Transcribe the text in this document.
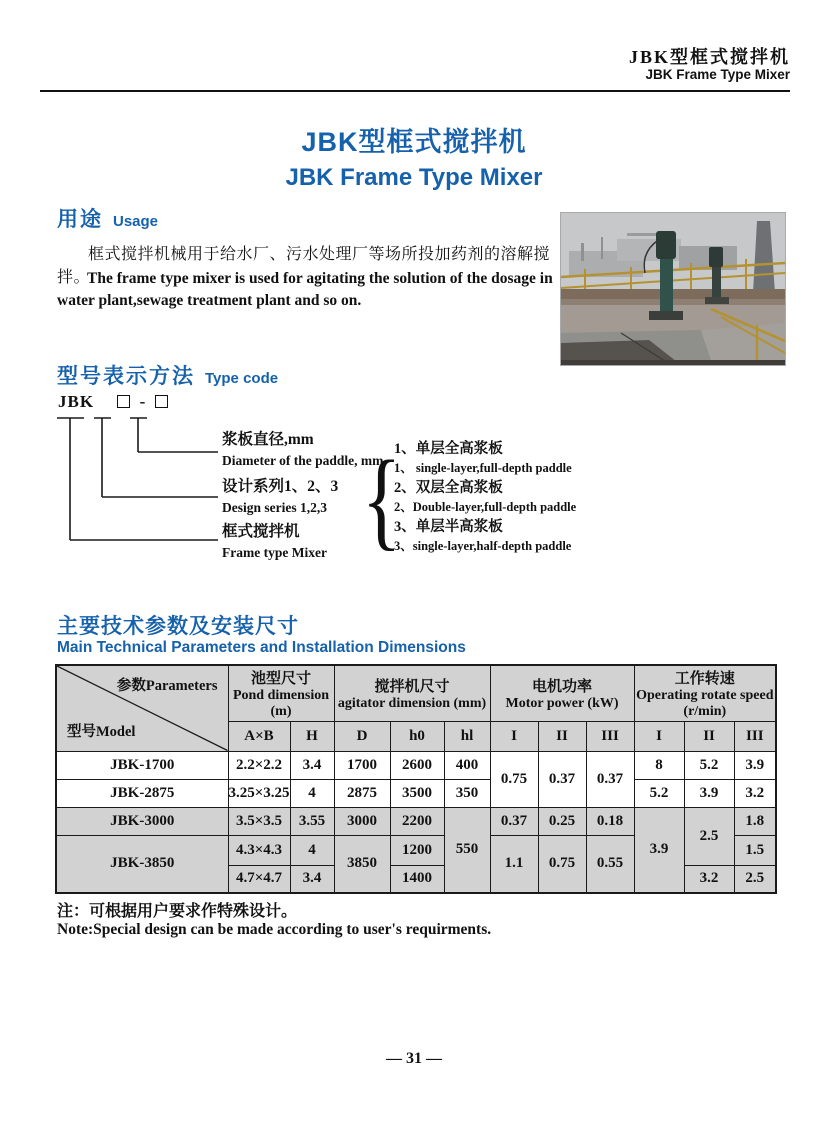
JBK型框式搅拌机
JBK Frame Type Mixer
JBK型框式搅拌机
JBK Frame Type Mixer
用途 Usage

框式搅拌机械用于给水厂、污水处理厂等场所投加药剂的溶解搅拌。

The frame type mixer is used for agitating the solution of the dosage in water plant,sewage treatment plant and so on.

型号表示方法 Type code
JBK	-
浆板直径,mm
Diameter of the paddle, mm
设计系列1、2、3
Design series 1,2,3
框式搅拌机
Frame type Mixer {
1、单层全高浆板
1、 single-layer,full-depth paddle
2、双层全高浆板
2、Double-layer,full-depth paddle
3、单层半高浆板
3、single-layer,half-depth paddle
主要技术参数及安装尺寸
Main Technical Parameters and Installation Dimensions
参数Parameters
型号Model	池型尺寸
Pond dimension (m)		搅拌机尺寸
agitator dimension (mm)			电机功率
Motor power (kW)			工作转速
Operating rotate speed
(r/min)		

	A×B	H	D	h0	hl	I	II	III	I	II	III
JBK-1700	2.2×2.2	3.4	1700	2600	400	0.75	0.37	0.37	8	5.2	3.9
JBK-2875	3.25×3.25	4	2875	3500	350				5.2	3.9	3.2
JBK-3000	3.5×3.5	3.55	3000	2200	550	0.37	0.25	0.18	3.9	2.5	1.8
JBK-3850	4.3×4.3	4	3850	1200		1.1	0.75	0.55			1.5
	4.7×4.7	3.4		1400						3.2	2.5
注：可根据用户要求作特殊设计。
Note:Special design can be made according to user's requirments.
— 31 —
